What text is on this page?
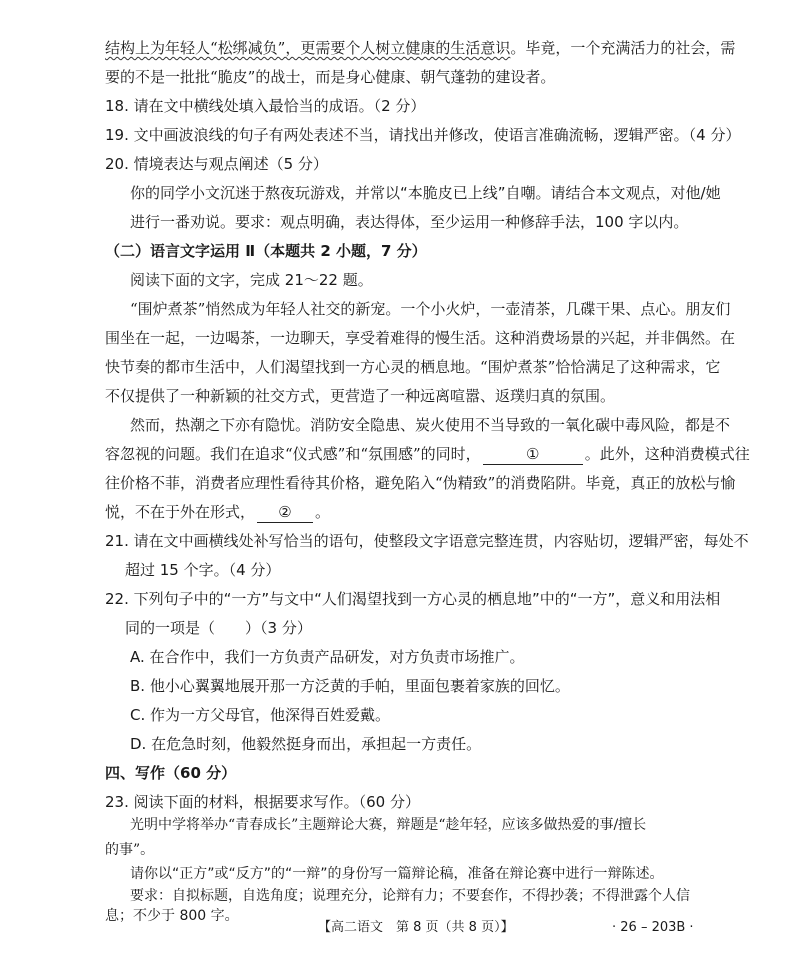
结构上为年轻人“松绑减负”，更需要个人树立健康的生活意识。毕竟，一个充满活力的社会，需
要的不是一批批“脆皮”的战士，而是身心健康、朝气蓬勃的建设者。
18. 请在文中横线处填入最恰当的成语。（2 分）
19. 文中画波浪线的句子有两处表述不当，请找出并修改，使语言准确流畅，逻辑严密。（4 分）
20. 情境表达与观点阐述（5 分）
你的同学小文沉迷于熬夜玩游戏，并常以“本脆皮已上线”自嘲。请结合本文观点，对他/她
进行一番劝说。要求：观点明确，表达得体，至少运用一种修辞手法，100 字以内。
（二）语言文字运用 Ⅱ（本题共 2 小题，7 分）
阅读下面的文字，完成 21～22 题。
“围炉煮茶”悄然成为年轻人社交的新宠。一个小火炉，一壶清茶，几碟干果、点心。朋友们
围坐在一起，一边喝茶，一边聊天，享受着难得的慢生活。这种消费场景的兴起，并非偶然。在
快节奏的都市生活中，人们渴望找到一方心灵的栖息地。“围炉煮茶”恰恰满足了这种需求，它
不仅提供了一种新颖的社交方式，更营造了一种远离喧嚣、返璞归真的氛围。
然而，热潮之下亦有隐忧。消防安全隐患、炭火使用不当导致的一氧化碳中毒风险，都是不
容忽视的问题。我们在追求“仪式感”和“氛围感”的同时，	①	。此外，这种消费模式往
往价格不菲，消费者应理性看待其价格，避免陷入“伪精致”的消费陷阱。毕竟，真正的放松与愉
悦，不在于外在形式， ② 。
21. 请在文中画横线处补写恰当的语句，使整段文字语意完整连贯，内容贴切，逻辑严密，每处不
超过 15 个字。（4 分）
22. 下列句子中的“一方”与文中“人们渴望找到一方心灵的栖息地”中的“一方”，意义和用法相
同的一项是（　　）（3 分）
A. 在合作中，我们一方负责产品研发，对方负责市场推广。
B. 他小心翼翼地展开那一方泛黄的手帕，里面包裹着家族的回忆。
C. 作为一方父母官，他深得百姓爱戴。
D. 在危急时刻，他毅然挺身而出，承担起一方责任。
四、写作（60 分）
23. 阅读下面的材料，根据要求写作。（60 分）
光明中学将举办“青春成长”主题辩论大赛，辩题是“趁年轻，应该多做热爱的事/擅长
的事”。
请你以“正方”或“反方”的“一辩”的身份写一篇辩论稿，准备在辩论赛中进行一辩陈述。
要求：自拟标题，自选角度；说理充分，论辩有力；不要套作，不得抄袭；不得泄露个人信
息；不少于 800 字。
【高二语文　第 8 页（共 8 页）】	· 26 – 203B ·
